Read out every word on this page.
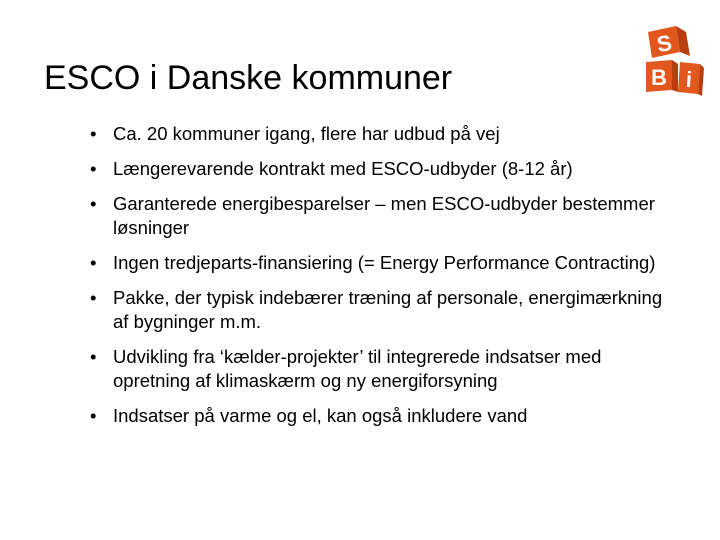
ESCO i Danske kommuner
S
B i
• Ca. 20 kommuner igang, flere har udbud på vej
• Længerevarende kontrakt med ESCO-udbyder (8-12 år)
• Garanterede energibesparelser – men ESCO-udbyder bestemmer løsninger
• Ingen tredjeparts-finansiering (= Energy Performance Contracting)
• Pakke, der typisk indebærer træning af personale, energimærkning af bygninger m.m.
• Udvikling fra ‘kælder-projekter’ til integrerede indsatser med opretning af klimaskærm og ny energiforsyning
• Indsatser på varme og el, kan også inkludere vand
